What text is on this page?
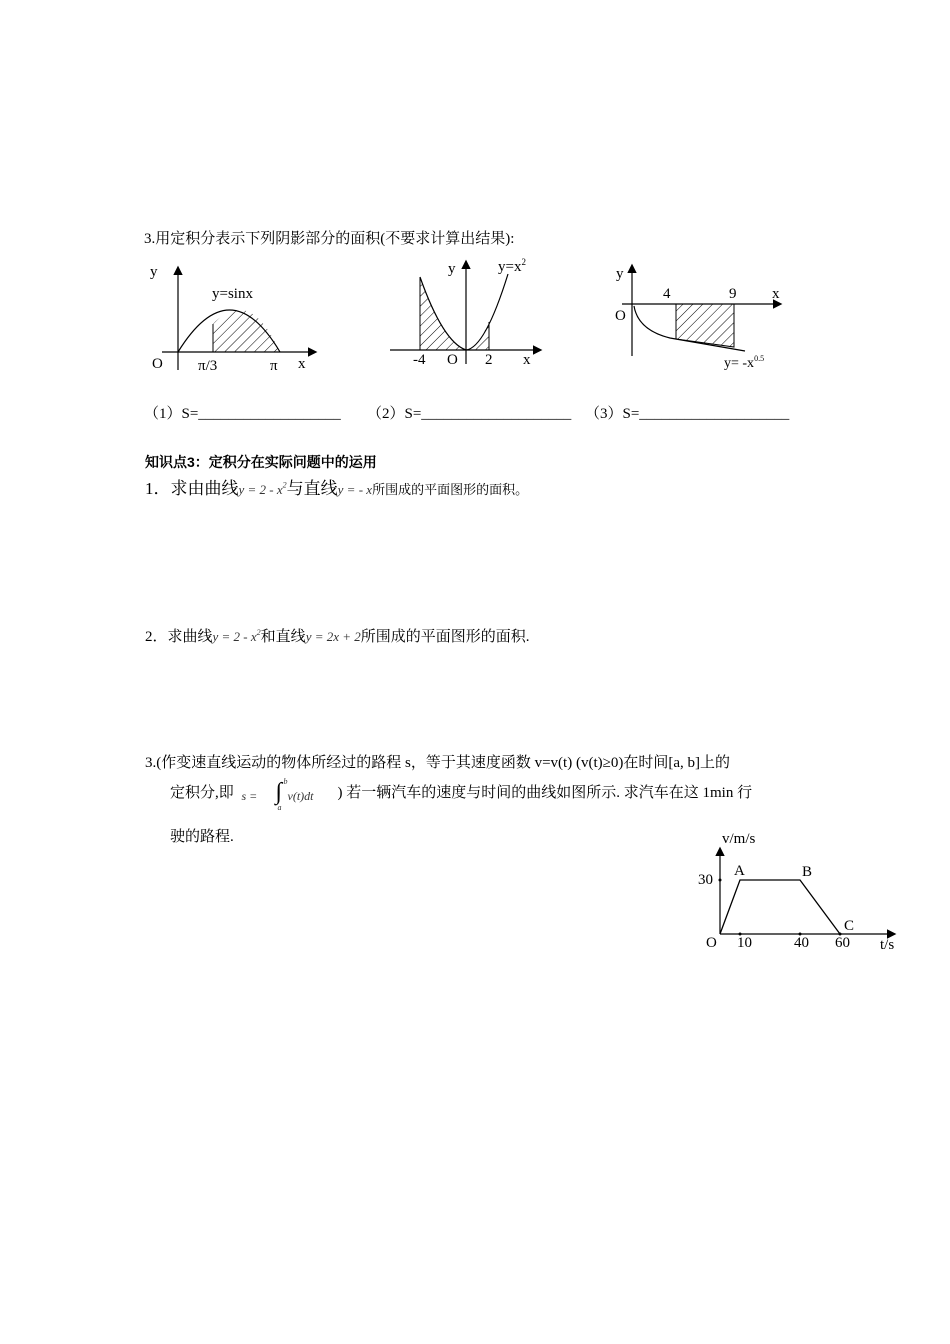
3.用定积分表示下列阴影部分的面积(不要求计算出结果):
y
y=sinx
O π/3	π x
y	$y=x^2$
-4 O 2 x
y
O
4	9 x
$y= -x^{0.5}$
（1）S=___________________ （2）S=____________________ （3）S=____________________
知识点3：定积分在实际问题中的运用
1．求由曲线$y = 2 - x^2$与直线y = - x所围成的平面图形的面积。
2．求曲线$y = 2 - x^2$和直线y = 2x + 2所围成的平面图形的面积.
3.(作变速直线运动的物体所经过的路程 s，等于其速度函数 v=v(t) (v(t)≥0)在时间[a, b]上的
定积分,即 s = ∫ b
a
v(t)dt ) 若一辆汽车的速度与时间的曲线如图所示. 求汽车在这 1min 行
驶的路程.	v/m/s
t/s
O
30
10	40 60
A	B
C
